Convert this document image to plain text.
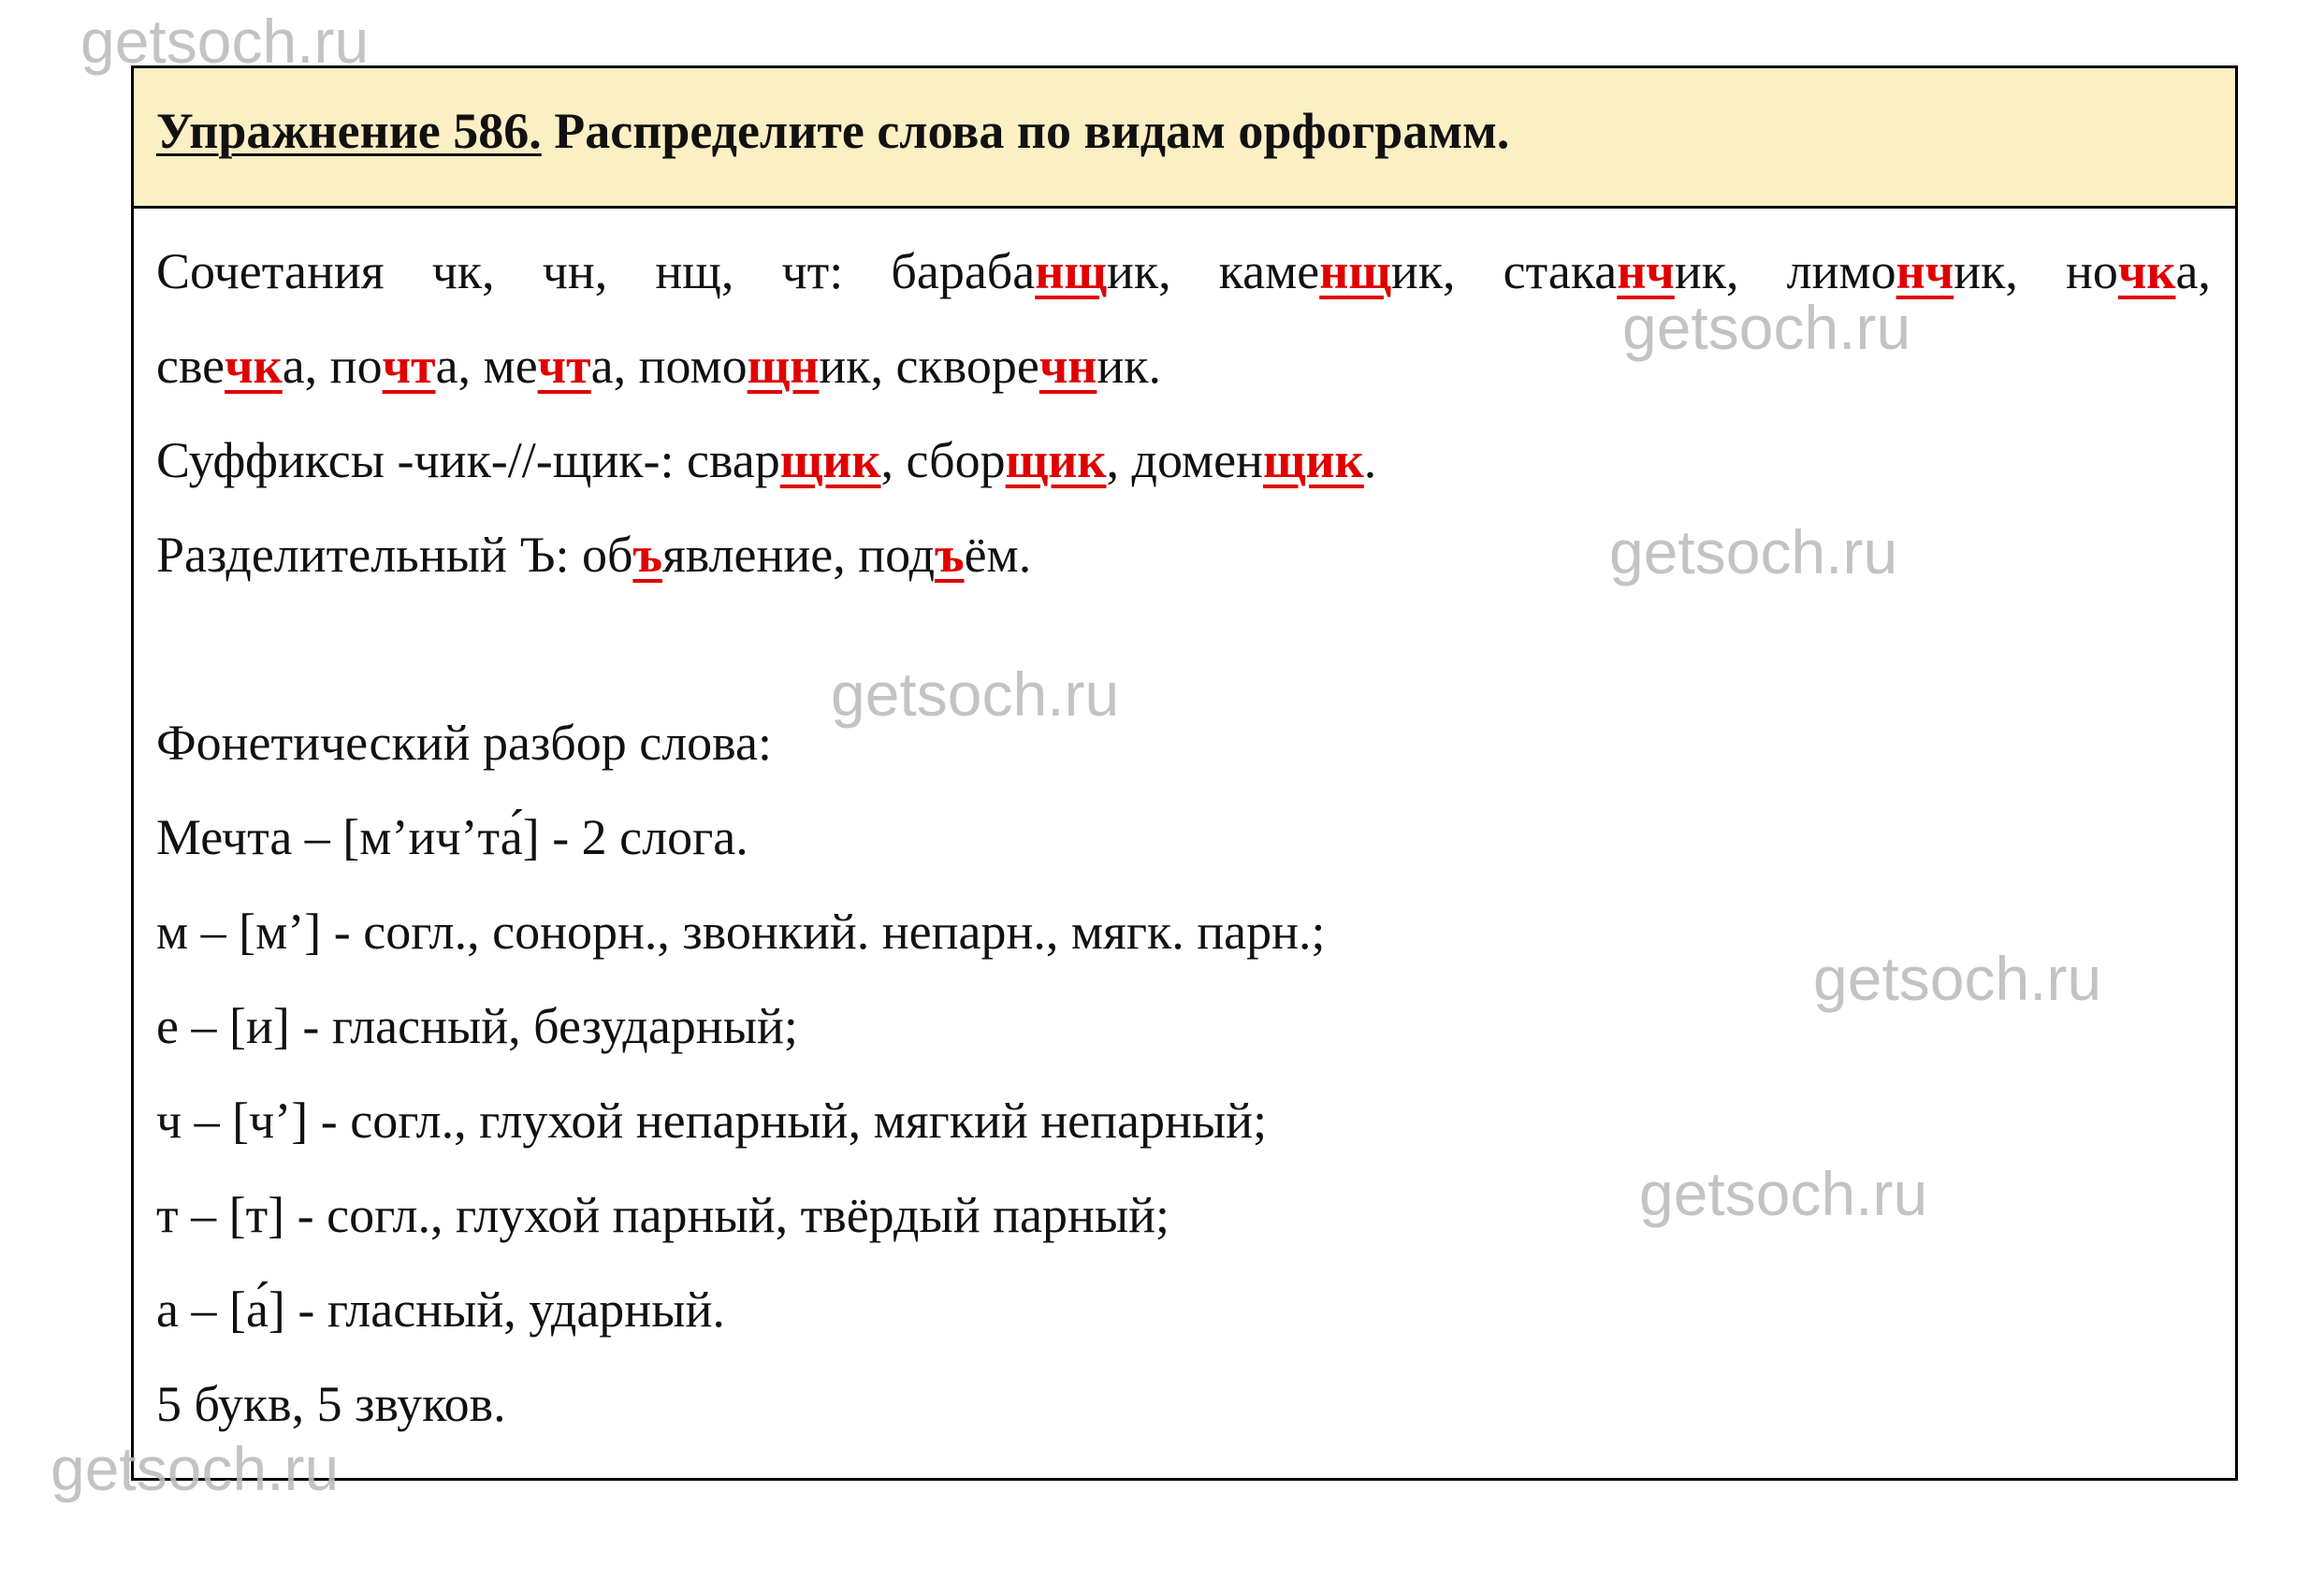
getsoch.ru
getsoch.ru
getsoch.ru
getsoch.ru
getsoch.ru
getsoch.ru
getsoch.ru
Упражнение 586. Распределите слова по видам орфограмм.
Сочетания чк, чн, нщ, чт: барабанщик, каменщик, стаканчик, лимончик, ночка,
свечка, почта, мечта, помощник, скворечник.
Суффиксы -чик-//-щик-: сварщик, сборщик, доменщик.
Разделительный Ъ: объявление, подъём.
Фонетический разбор слова:
Мечта – [м’ич’та́] - 2 слога.
м – [м’] - согл., сонорн., звонкий. непарн., мягк. парн.;
е – [и] - гласный, безударный;
ч – [ч’] - согл., глухой непарный, мягкий непарный;
т – [т] - согл., глухой парный, твёрдый парный;
а – [а́] - гласный, ударный.
5 букв, 5 звуков.
